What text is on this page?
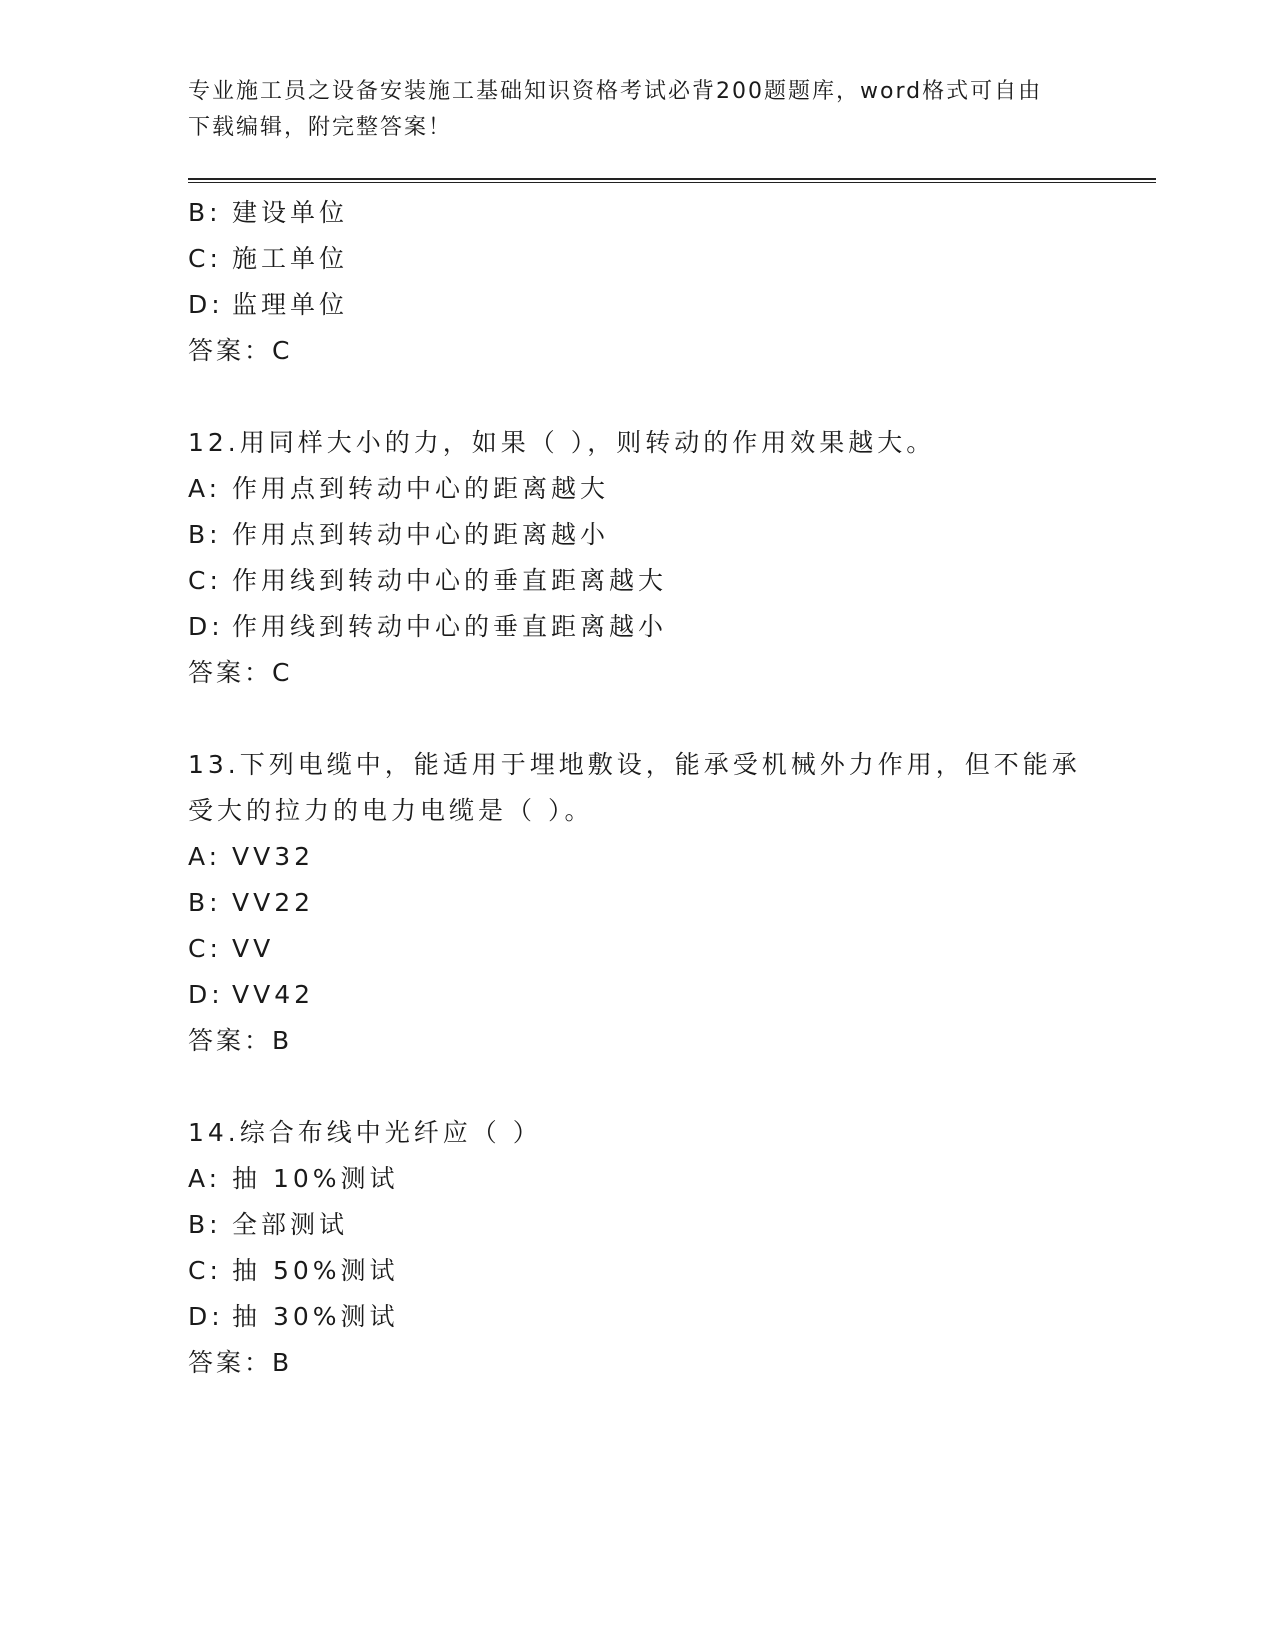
专业施工员之设备安装施工基础知识资格考试必背200题题库，word格式可自由
下载编辑，附完整答案！
B: 建设单位
C: 施工单位
D: 监理单位
答案：C
12.用同样大小的力，如果（ ），则转动的作用效果越大。
A: 作用点到转动中心的距离越大
B: 作用点到转动中心的距离越小
C: 作用线到转动中心的垂直距离越大
D: 作用线到转动中心的垂直距离越小
答案：C
13.下列电缆中，能适用于埋地敷设，能承受机械外力作用，但不能承
受大的拉力的电力电缆是（ ）。
A: VV32
B: VV22
C: VV
D: VV42
答案：B
14.综合布线中光纤应（ ）
A: 抽 10%测试
B: 全部测试
C: 抽 50%测试
D: 抽 30%测试
答案：B
